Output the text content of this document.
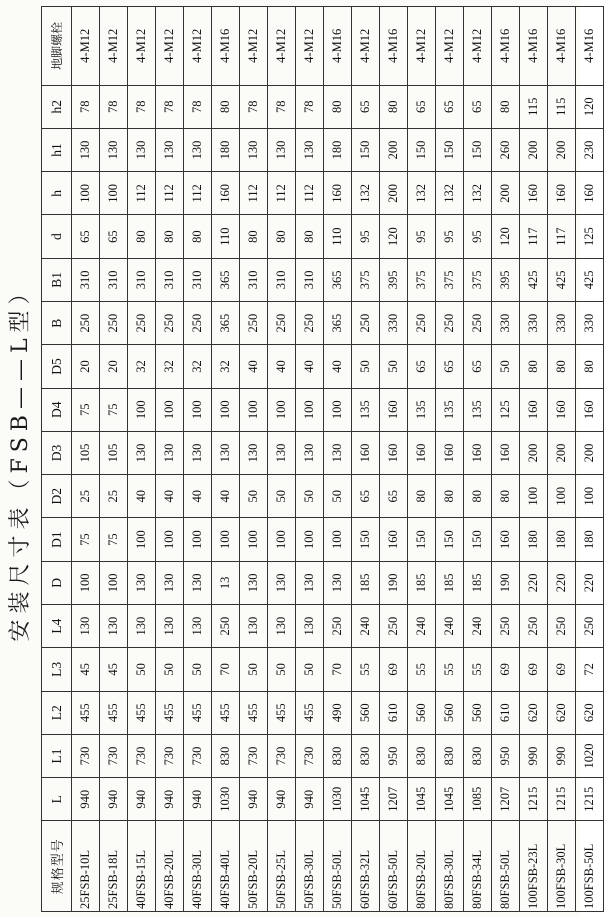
安装尺寸表（FSB——L型）
规格型号	L	L1	L2	L3	L4	D	D1	D2	D3	D4	D5	B	B1	d	h	h1	h2	地脚螺栓
25FSB-10L	940	730	455	45	130	100	75	25	105	75	20	250	310	65	100	130	78	4-M12
25FSB-18L	940	730	455	45	130	100	75	25	105	75	20	250	310	65	100	130	78	4-M12
40FSB-15L	940	730	455	50	130	130	100	40	130	100	32	250	310	80	112	130	78	4-M12
40FSB-20L	940	730	455	50	130	130	100	40	130	100	32	250	310	80	112	130	78	4-M12
40FSB-30L	940	730	455	50	130	130	100	40	130	100	32	250	310	80	112	130	78	4-M12
40FSB-40L	1030	830	455	70	250	13	100	40	130	100	32	365	365	110	160	180	80	4-M16
50FSB-20L	940	730	455	50	130	130	100	50	130	100	40	250	310	80	112	130	78	4-M12
50FSB-25L	940	730	455	50	130	130	100	50	130	100	40	250	310	80	112	130	78	4-M12
50FSB-30L	940	730	455	50	130	130	100	50	130	100	40	250	310	80	112	130	78	4-M12
50FSB-50L	1030	830	490	70	250	130	100	50	130	100	40	365	365	110	160	180	80	4-M16
60FSB-32L	1045	830	560	55	240	185	150	65	160	135	50	250	375	95	132	150	65	4-M12
60FSB-50L	1207	950	610	69	250	190	160	65	160	160	50	330	395	120	200	200	80	4-M16
80FSB-20L	1045	830	560	55	240	185	150	80	160	135	65	250	375	95	132	150	65	4-M12
80FSB-30L	1045	830	560	55	240	185	150	80	160	135	65	250	375	95	132	150	65	4-M12
80FSB-34L	1085	830	560	55	240	185	150	80	160	135	65	250	375	95	132	150	65	4-M12
80FSB-50L	1207	950	610	69	250	190	160	80	160	125	50	330	395	120	200	260	80	4-M16
100FSB-23L	1215	990	620	69	250	220	180	100	200	160	80	330	425	117	160	200	115	4-M16
100FSB-30L	1215	990	620	69	250	220	180	100	200	160	80	330	425	117	160	200	115	4-M16
100FSB-50L	1215	1020	620	72	250	220	180	100	200	160	80	330	425	125	160	230	120	4-M16
